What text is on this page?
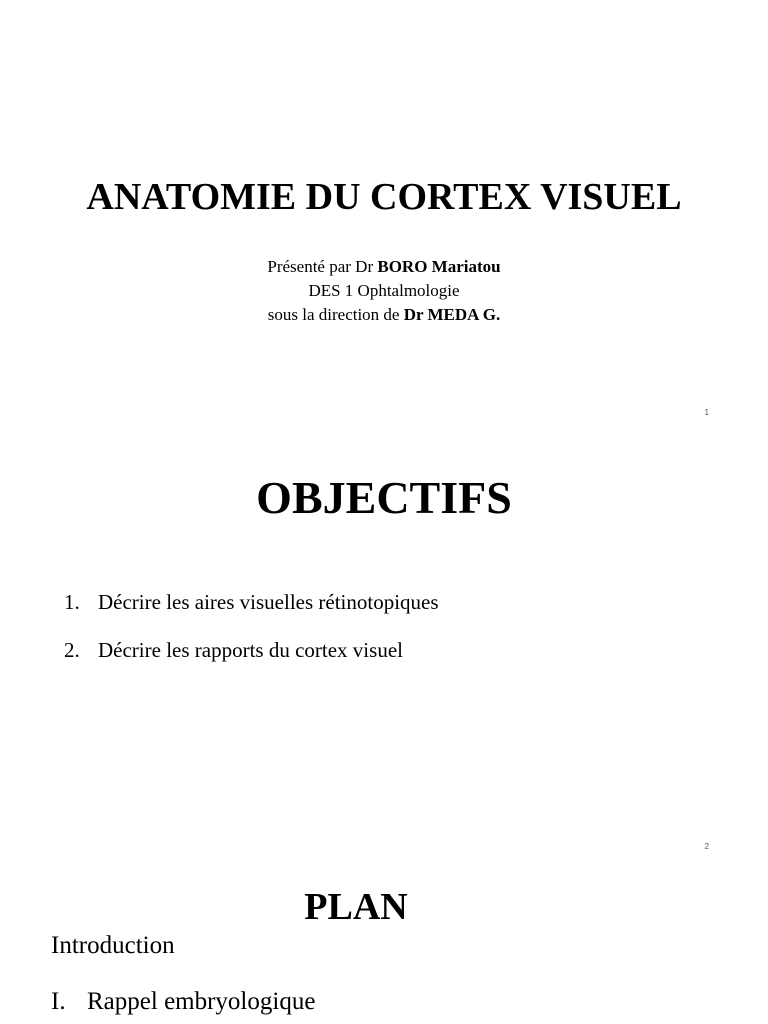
ANATOMIE DU CORTEX VISUEL
Présenté par Dr BORO Mariatou
DES 1 Ophtalmologie
sous la direction de Dr MEDA G.
1
OBJECTIFS
1. Décrire les aires visuelles rétinotopiques
2. Décrire les rapports du cortex visuel
2
PLAN
Introduction
I. Rappel embryologique
